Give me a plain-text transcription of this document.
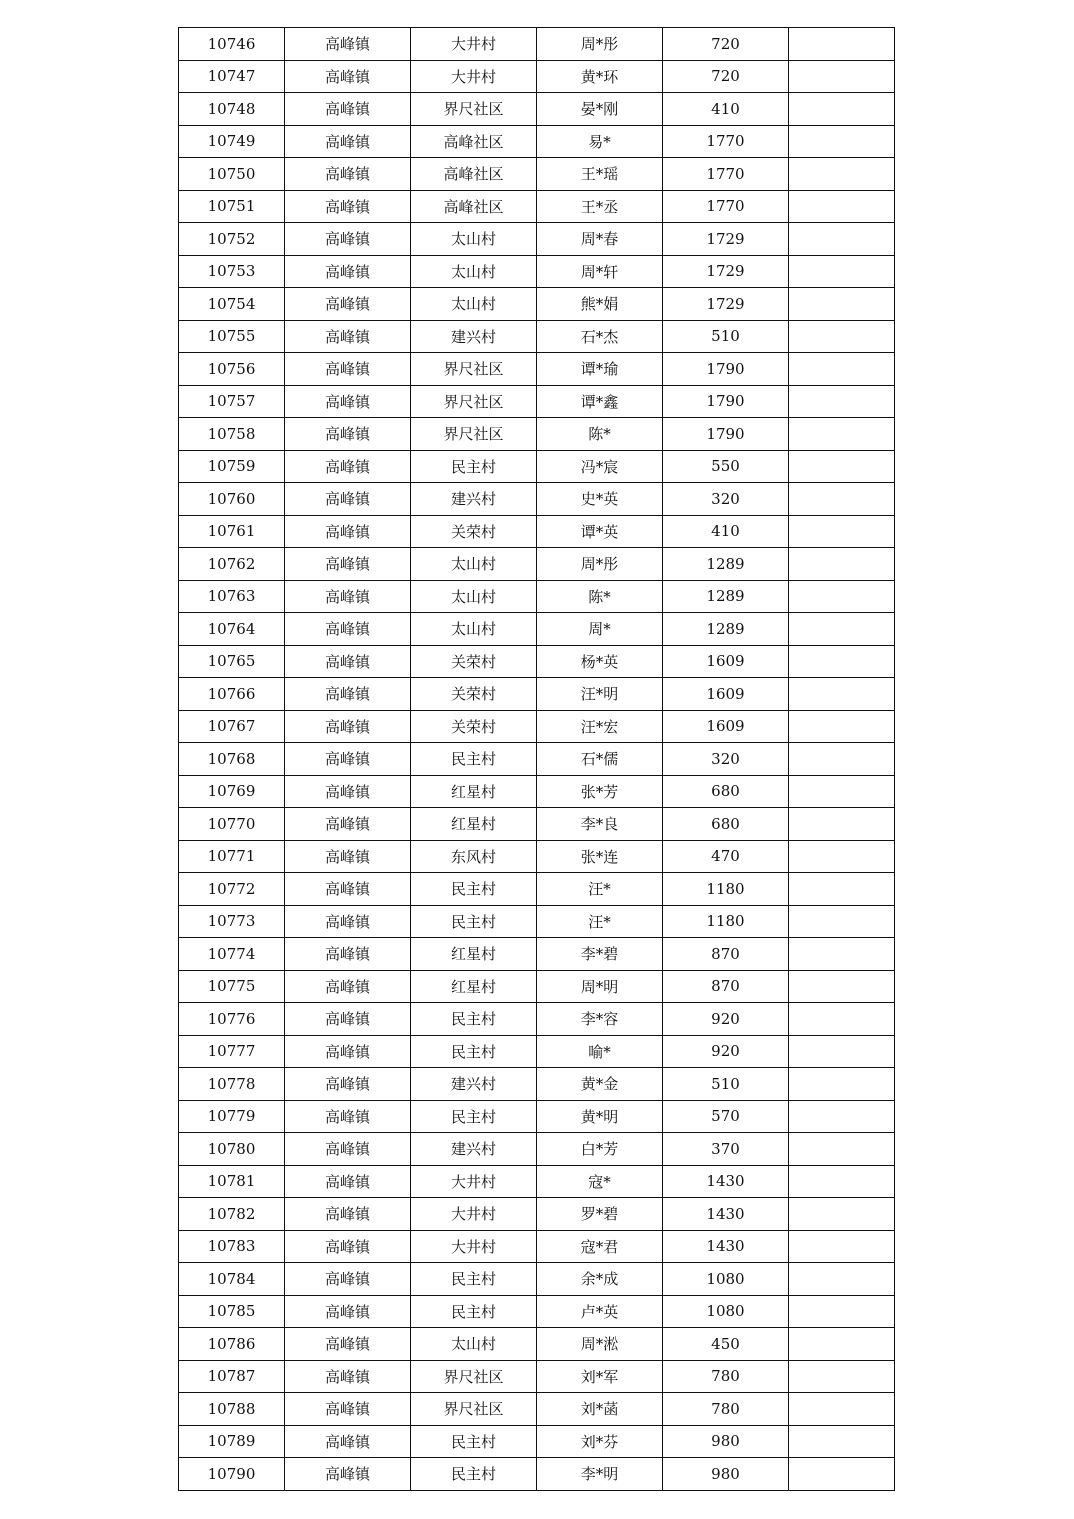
10746	高峰镇	大井村	周*彤	720	
10747	高峰镇	大井村	黄*环	720	
10748	高峰镇	界尺社区	晏*刚	410	
10749	高峰镇	高峰社区	易*	1770	
10750	高峰镇	高峰社区	王*瑶	1770	
10751	高峰镇	高峰社区	王*丞	1770	
10752	高峰镇	太山村	周*春	1729	
10753	高峰镇	太山村	周*轩	1729	
10754	高峰镇	太山村	熊*娟	1729	
10755	高峰镇	建兴村	石*杰	510	
10756	高峰镇	界尺社区	谭*瑜	1790	
10757	高峰镇	界尺社区	谭*鑫	1790	
10758	高峰镇	界尺社区	陈*	1790	
10759	高峰镇	民主村	冯*宸	550	
10760	高峰镇	建兴村	史*英	320	
10761	高峰镇	关荣村	谭*英	410	
10762	高峰镇	太山村	周*彤	1289	
10763	高峰镇	太山村	陈*	1289	
10764	高峰镇	太山村	周*	1289	
10765	高峰镇	关荣村	杨*英	1609	
10766	高峰镇	关荣村	汪*明	1609	
10767	高峰镇	关荣村	汪*宏	1609	
10768	高峰镇	民主村	石*儒	320	
10769	高峰镇	红星村	张*芳	680	
10770	高峰镇	红星村	李*良	680	
10771	高峰镇	东风村	张*连	470	
10772	高峰镇	民主村	汪*	1180	
10773	高峰镇	民主村	汪*	1180	
10774	高峰镇	红星村	李*碧	870	
10775	高峰镇	红星村	周*明	870	
10776	高峰镇	民主村	李*容	920	
10777	高峰镇	民主村	喻*	920	
10778	高峰镇	建兴村	黄*金	510	
10779	高峰镇	民主村	黄*明	570	
10780	高峰镇	建兴村	白*芳	370	
10781	高峰镇	大井村	寇*	1430	
10782	高峰镇	大井村	罗*碧	1430	
10783	高峰镇	大井村	寇*君	1430	
10784	高峰镇	民主村	余*成	1080	
10785	高峰镇	民主村	卢*英	1080	
10786	高峰镇	太山村	周*淞	450	
10787	高峰镇	界尺社区	刘*军	780	
10788	高峰镇	界尺社区	刘*菡	780	
10789	高峰镇	民主村	刘*芬	980	
10790	高峰镇	民主村	李*明	980	
